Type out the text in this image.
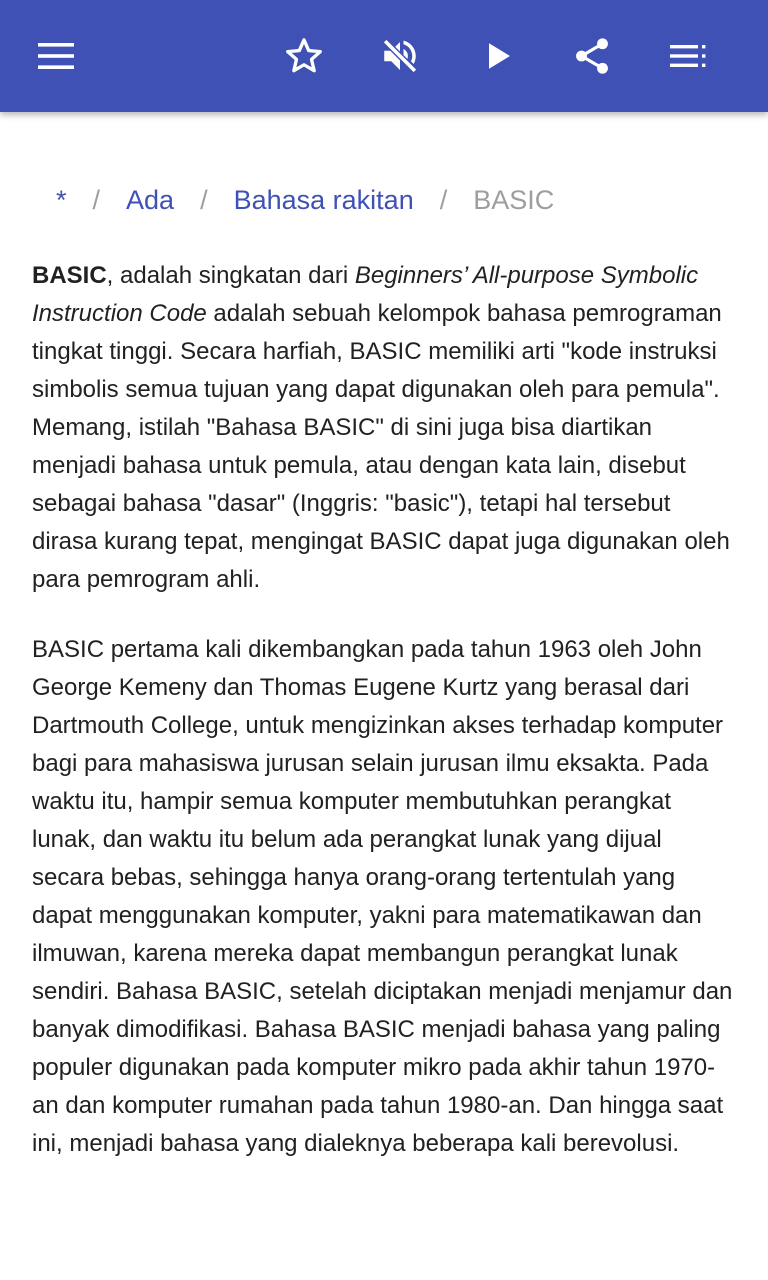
* / Ada / Bahasa rakitan / BASIC

BASIC, adalah singkatan dari Beginners’ All-purpose Symbolic Instruction Code adalah sebuah kelompok bahasa pemrograman tingkat tinggi. Secara harfiah, BASIC memiliki arti "kode instruksi simbolis semua tujuan yang dapat digunakan oleh para pemula". Memang, istilah "Bahasa BASIC" di sini juga bisa diartikan menjadi bahasa untuk pemula, atau dengan kata lain, disebut sebagai bahasa "dasar" (Inggris: "basic"), tetapi hal tersebut dirasa kurang tepat, mengingat BASIC dapat juga digunakan oleh para pemrogram ahli.

BASIC pertama kali dikembangkan pada tahun 1963 oleh John George Kemeny dan Thomas Eugene Kurtz yang berasal dari Dartmouth College, untuk mengizinkan akses terhadap komputer bagi para mahasiswa jurusan selain jurusan ilmu eksakta. Pada waktu itu, hampir semua komputer membutuhkan perangkat lunak, dan waktu itu belum ada perangkat lunak yang dijual secara bebas, sehingga hanya orang-orang tertentulah yang dapat menggunakan komputer, yakni para matematikawan dan ilmuwan, karena mereka dapat membangun perangkat lunak sendiri. Bahasa BASIC, setelah diciptakan menjadi menjamur dan banyak dimodifikasi. Bahasa BASIC menjadi bahasa yang paling populer digunakan pada komputer mikro pada akhir tahun 1970-an dan komputer rumahan pada tahun 1980-an. Dan hingga saat ini, menjadi bahasa yang dialeknya beberapa kali berevolusi.
